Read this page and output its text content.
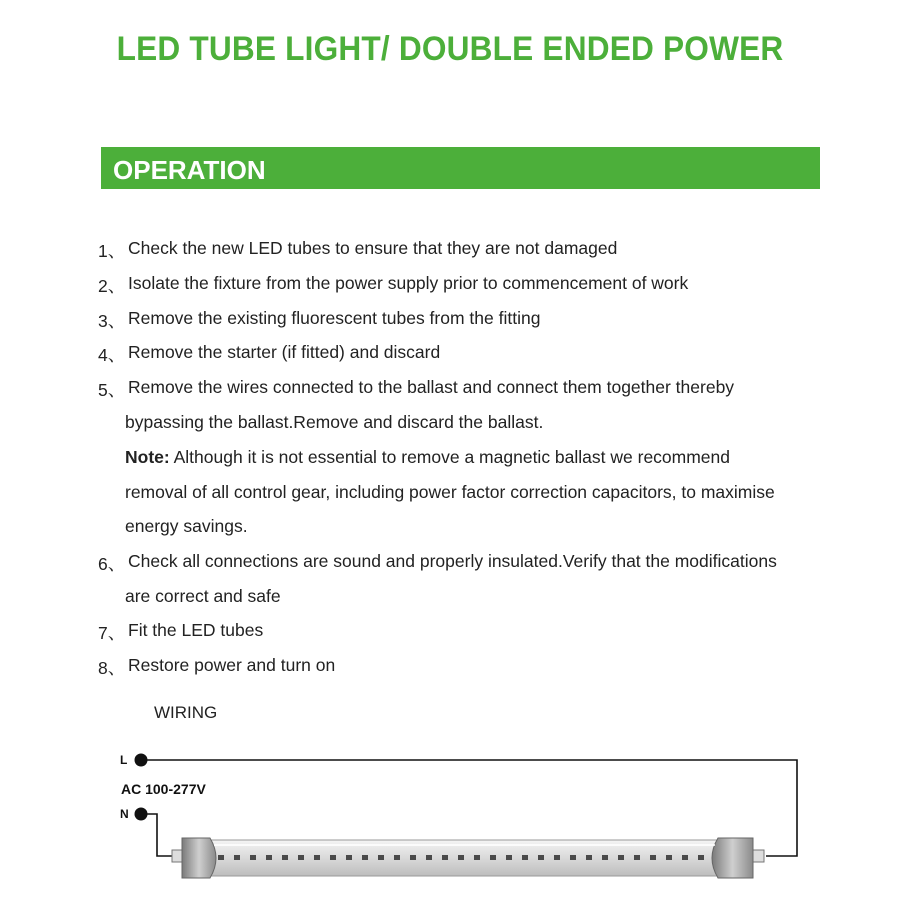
LED TUBE LIGHT/ DOUBLE ENDED POWER
OPERATION
1、 Check the new LED tubes to ensure that they are not damaged
2、 Isolate the fixture from the power supply prior to commencement of work
3、 Remove the existing fluorescent tubes from the fitting
4、 Remove the starter (if fitted) and discard
5、 Remove the wires connected to the ballast and connect them together thereby
bypassing the ballast.Remove and discard the ballast.
Note: Although it is not essential to remove a magnetic ballast we recommend
removal of all control gear, including power factor correction capacitors, to maximise
energy savings.
6、 Check all connections are sound and properly insulated.Verify that the modifications
are correct and safe
7、 Fit the LED tubes
8、 Restore power and turn on
WIRING
L
AC 100-277V
N
